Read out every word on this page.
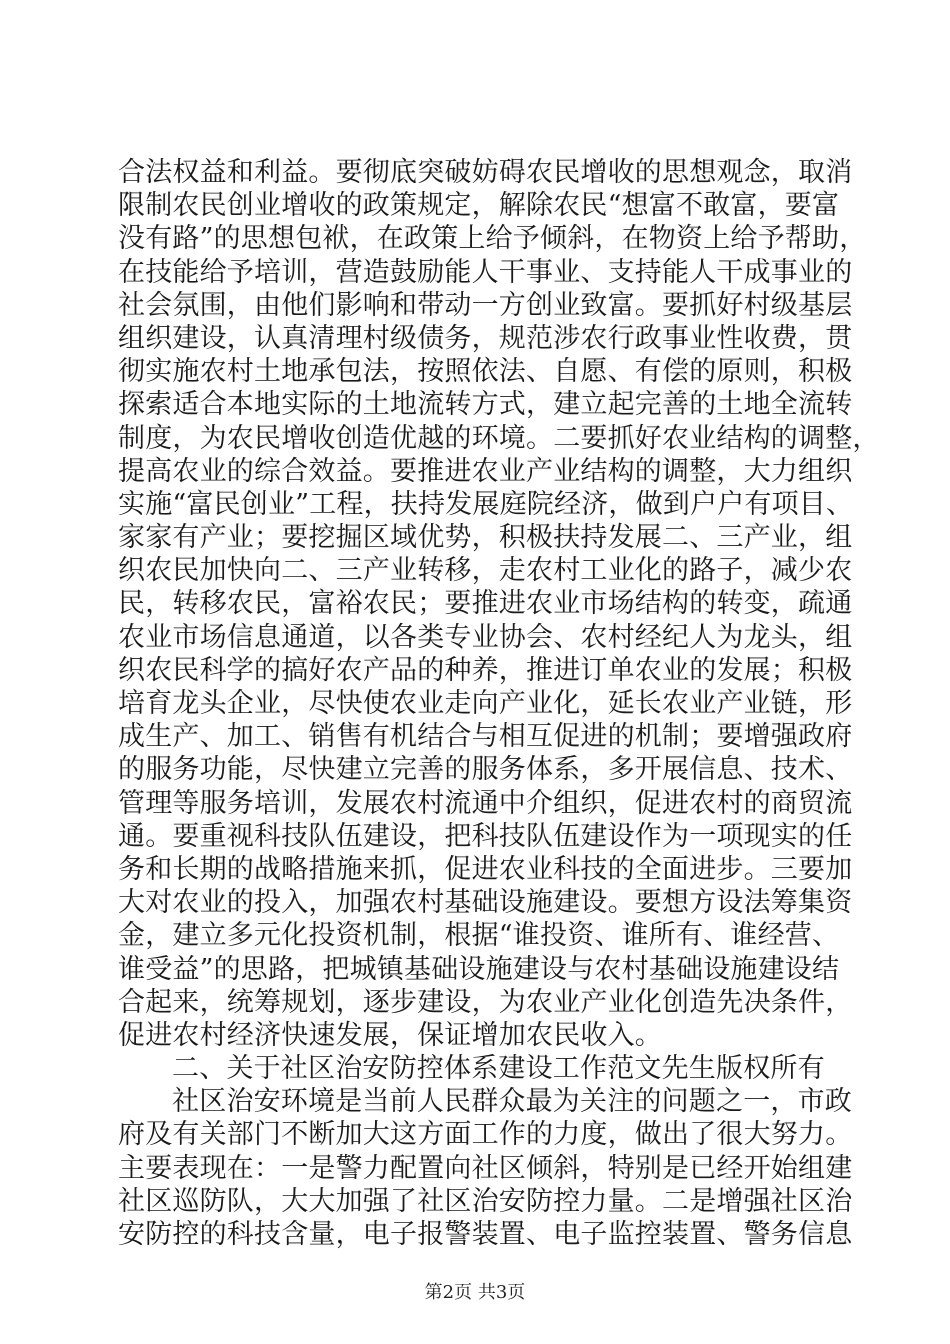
合法权益和利益。要彻底突破妨碍农民增收的思想观念，取消
限制农民创业增收的政策规定，解除农民“想富不敢富，要富
没有路”的思想包袱，在政策上给予倾斜，在物资上给予帮助，
在技能给予培训，营造鼓励能人干事业、支持能人干成事业的
社会氛围，由他们影响和带动一方创业致富。要抓好村级基层
组织建设，认真清理村级债务，规范涉农行政事业性收费，贯
彻实施农村土地承包法，按照依法、自愿、有偿的原则，积极
探索适合本地实际的土地流转方式，建立起完善的土地全流转
制度，为农民增收创造优越的环境。二要抓好农业结构的调整，
提高农业的综合效益。要推进农业产业结构的调整，大力组织
实施“富民创业”工程，扶持发展庭院经济，做到户户有项目、
家家有产业；要挖掘区域优势，积极扶持发展二、三产业，组
织农民加快向二、三产业转移，走农村工业化的路子，减少农
民，转移农民，富裕农民；要推进农业市场结构的转变，疏通
农业市场信息通道，以各类专业协会、农村经纪人为龙头，组
织农民科学的搞好农产品的种养，推进订单农业的发展；积极
培育龙头企业，尽快使农业走向产业化，延长农业产业链，形
成生产、加工、销售有机结合与相互促进的机制；要增强政府
的服务功能，尽快建立完善的服务体系，多开展信息、技术、
管理等服务培训，发展农村流通中介组织，促进农村的商贸流
通。要重视科技队伍建设，把科技队伍建设作为一项现实的任
务和长期的战略措施来抓，促进农业科技的全面进步。三要加
大对农业的投入，加强农村基础设施建设。要想方设法筹集资
金，建立多元化投资机制，根据“谁投资、谁所有、谁经营、
谁受益”的思路，把城镇基础设施建设与农村基础设施建设结
合起来，统筹规划，逐步建设，为农业产业化创造先决条件，
促进农村经济快速发展，保证增加农民收入。
二、关于社区治安防控体系建设工作范文先生版权所有
社区治安环境是当前人民群众最为关注的问题之一，市政
府及有关部门不断加大这方面工作的力度，做出了很大努力。
主要表现在：一是警力配置向社区倾斜，特别是已经开始组建
社区巡防队，大大加强了社区治安防控力量。二是增强社区治
安防控的科技含量，电子报警装置、电子监控装置、警务信息
第2页 共3页
